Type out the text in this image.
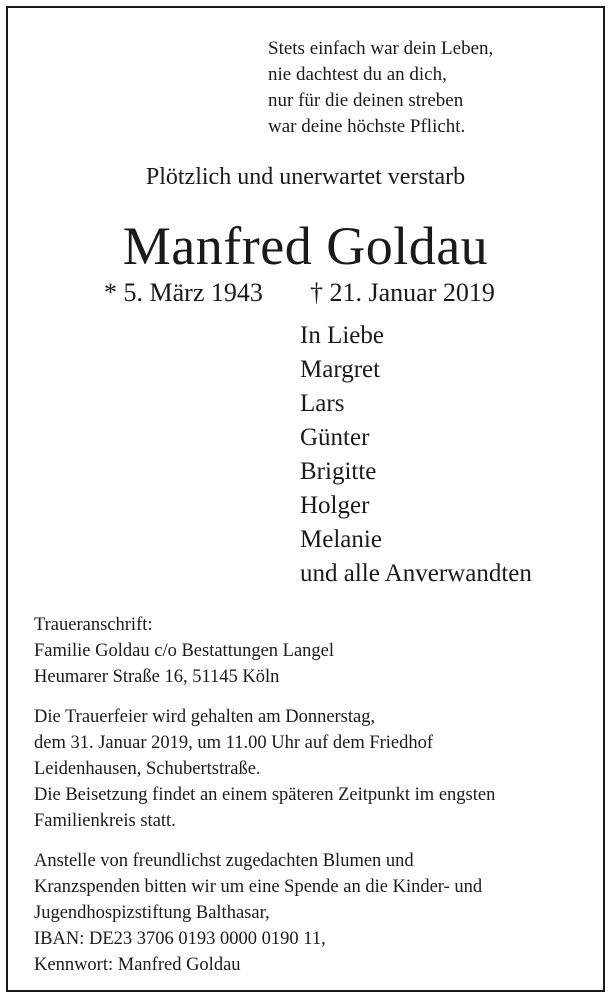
Stets einfach war dein Leben,
nie dachtest du an dich,
nur für die deinen streben
war deine höchste Pflicht.
Plötzlich und unerwartet verstarb
Manfred Goldau
* 5. März 1943 † 21. Januar 2019
In Liebe
Margret
Lars
Günter
Brigitte
Holger
Melanie
und alle Anverwandten
Traueranschrift:
Familie Goldau c/o Bestattungen Langel
Heumarer Straße 16, 51145 Köln
Die Trauerfeier wird gehalten am Donnerstag,
dem 31. Januar 2019, um 11.00 Uhr auf dem Friedhof
Leidenhausen, Schubertstraße.
Die Beisetzung findet an einem späteren Zeitpunkt im engsten
Familienkreis statt.
Anstelle von freundlichst zugedachten Blumen und
Kranzspenden bitten wir um eine Spende an die Kinder- und
Jugendhospizstiftung Balthasar,
IBAN: DE23 3706 0193 0000 0190 11,
Kennwort: Manfred Goldau
